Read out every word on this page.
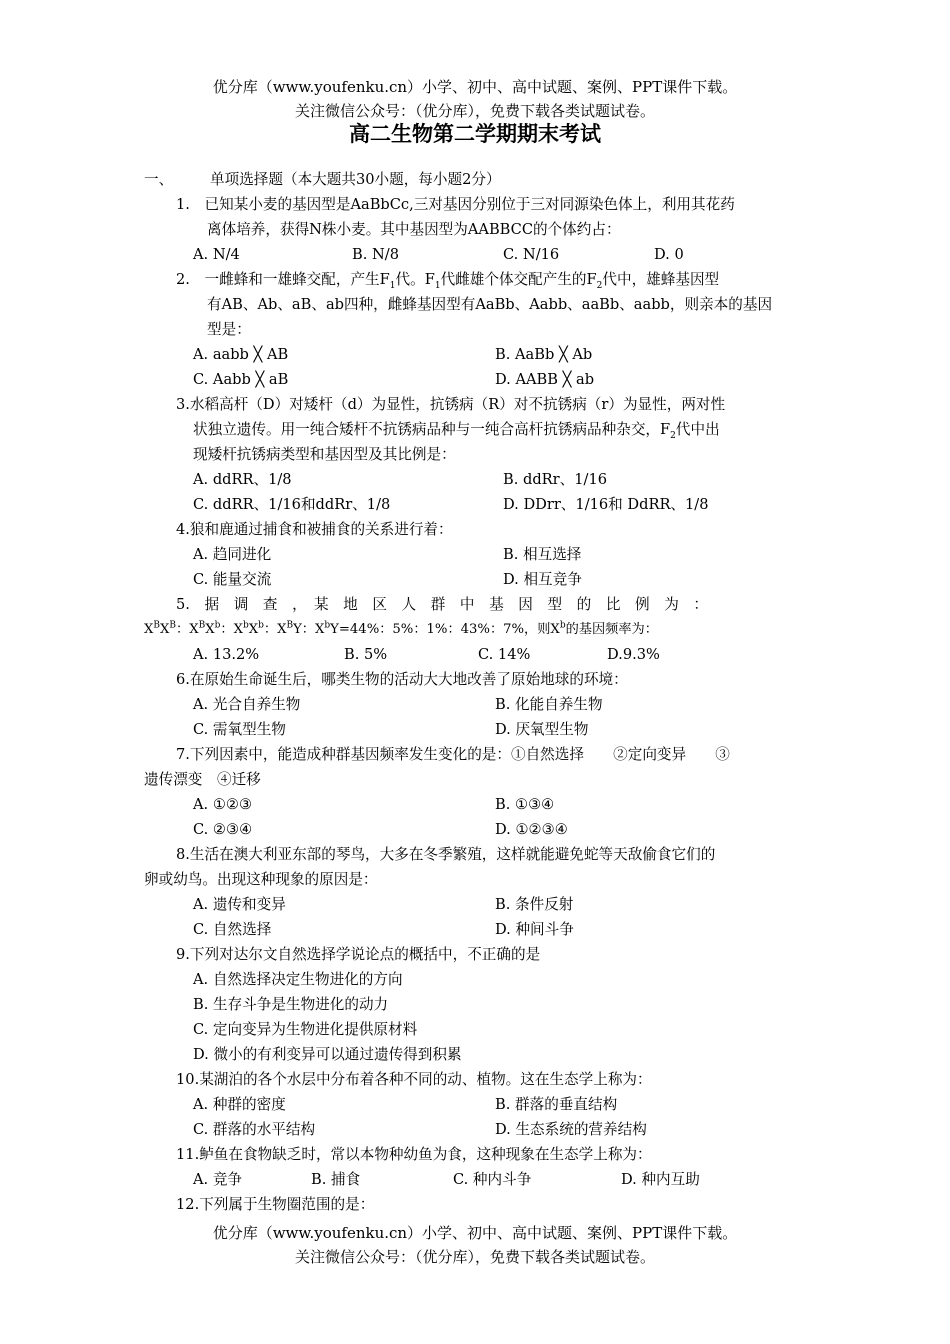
优分库（www.youfenku.cn）小学、初中、高中试题、案例、PPT课件下载。
关注微信公众号：（优分库），免费下载各类试题试卷。
高二生物第二学期期末考试
一、	单项选择题（本大题共30小题，每小题2分）
1.　已知某小麦的基因型是AaBbCc,三对基因分别位于三对同源染色体上，利用其花药
离体培养，获得N株小麦。其中基因型为AABBCC的个体约占：
A. N/4	B. N/8	C. N/16	D. 0
2.　一雌蜂和一雄蜂交配，产生$F_1$代。$F_1$代雌雄个体交配产生的$F_2$代中，雄蜂基因型
有AB、Ab、aB、ab四种，雌蜂基因型有AaBb、Aabb、aaBb、aabb，则亲本的基因
型是：
A. aabb ╳ AB	B. AaBb ╳ Ab
C. Aabb ╳ aB	D. AABB ╳ ab
3.水稻高杆（D）对矮杆（d）为显性，抗锈病（R）对不抗锈病（r）为显性，两对性
状独立遗传。用一纯合矮杆不抗锈病品种与一纯合高杆抗锈病品种杂交，$F_2$代中出
现矮杆抗锈病类型和基因型及其比例是：
A. ddRR、1/8	B. ddRr、1/16
C. ddRR、1/16和ddRr、1/8	D. DDrr、1/16和 DdRR、1/8
4.狼和鹿通过捕食和被捕食的关系进行着：
A. 趋同进化	B. 相互选择
C. 能量交流	D. 相互竞争
5.　据　调　查　，　某　地　区　人　群　中　基　因　型　的　比　例　为　：
$X^BX^B$：$X^BX^b$：$X^bX^b$：$X^BY$：$X^bY=44\%$：5%：1%：43%：7%，则$X^b$的基因频率为：
A. 13.2%	B. 5%	C. 14%	D.9.3%
6.在原始生命诞生后，哪类生物的活动大大地改善了原始地球的环境：
A. 光合自养生物	B. 化能自养生物
C. 需氧型生物	D. 厌氧型生物
7.下列因素中，能造成种群基因频率发生变化的是：①自然选择　　②定向变异　　③
遗传漂变　④迁移
A. ①②③	B. ①③④
C. ②③④	D. ①②③④
8.生活在澳大利亚东部的琴鸟，大多在冬季繁殖，这样就能避免蛇等天敌偷食它们的
卵或幼鸟。出现这种现象的原因是：
A. 遗传和变异	B. 条件反射
C. 自然选择	D. 种间斗争
9.下列对达尔文自然选择学说论点的概括中，不正确的是
A. 自然选择决定生物进化的方向
B. 生存斗争是生物进化的动力
C. 定向变异为生物进化提供原材料
D. 微小的有利变异可以通过遗传得到积累
10.某湖泊的各个水层中分布着各种不同的动、植物。这在生态学上称为：
A. 种群的密度	B. 群落的垂直结构
C. 群落的水平结构	D. 生态系统的营养结构
11.鲈鱼在食物缺乏时，常以本物种幼鱼为食，这种现象在生态学上称为：
A. 竞争	B. 捕食	C. 种内斗争	D. 种内互助
12.下列属于生物圈范围的是：
优分库（www.youfenku.cn）小学、初中、高中试题、案例、PPT课件下载。
关注微信公众号：（优分库），免费下载各类试题试卷。
